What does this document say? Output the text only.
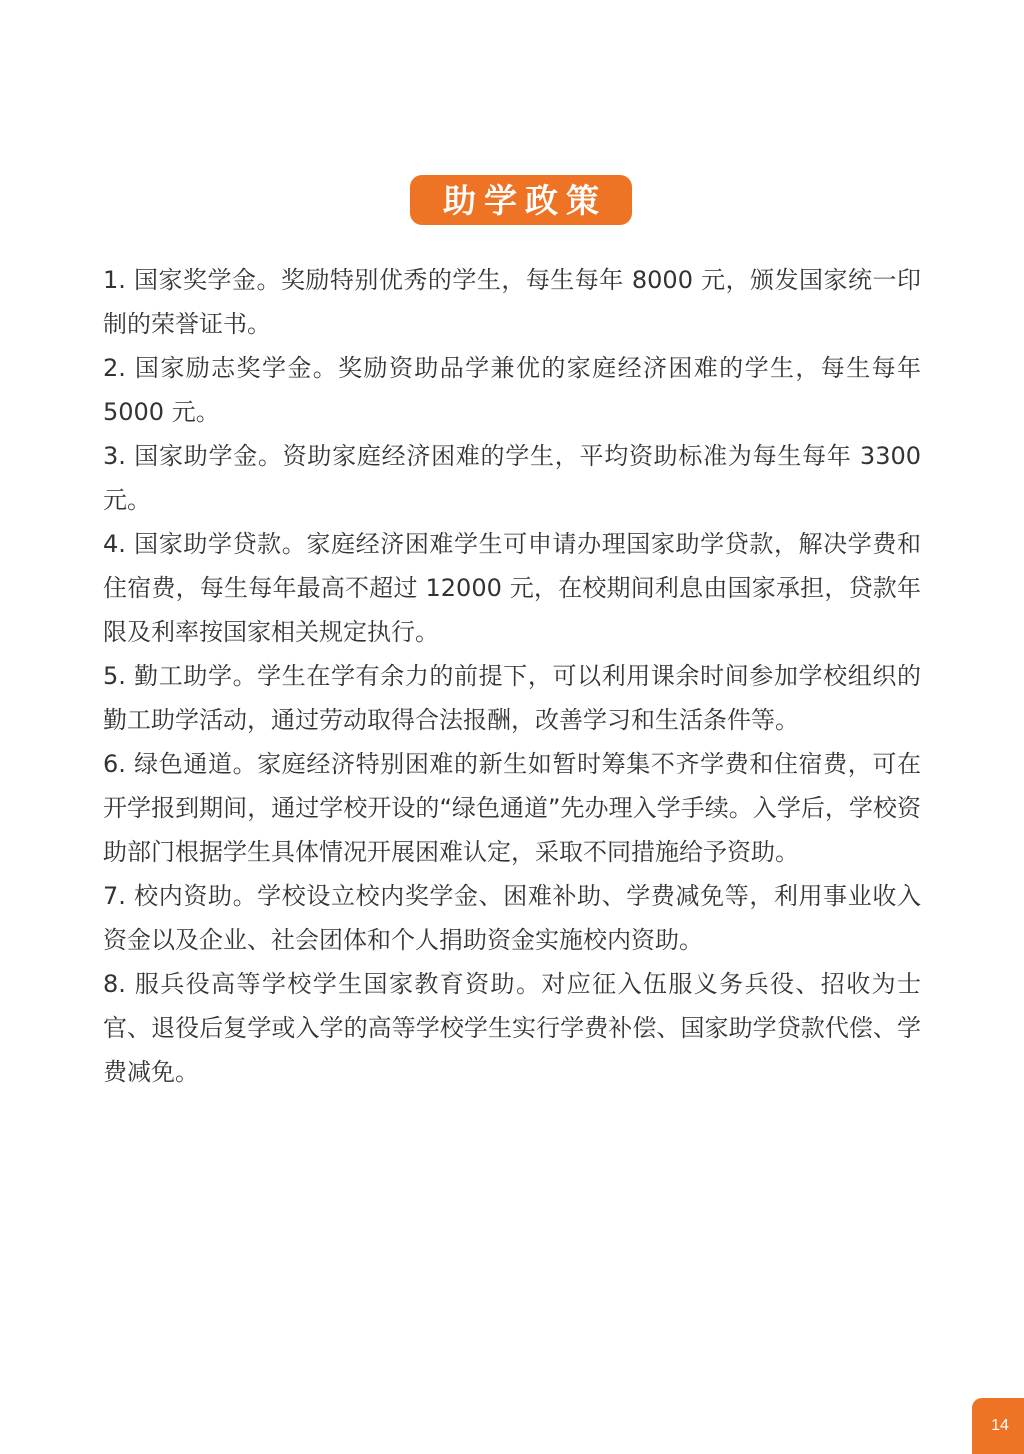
助学政策

1. 国家奖学金。奖励特别优秀的学生，每生每年 8000 元，颁发国家统一印制的荣誉证书。

2. 国家励志奖学金。奖励资助品学兼优的家庭经济困难的学生，每生每年 5000 元。

3. 国家助学金。资助家庭经济困难的学生，平均资助标准为每生每年 3300 元。

4. 国家助学贷款。家庭经济困难学生可申请办理国家助学贷款，解决学费和住宿费，每生每年最高不超过 12000 元，在校期间利息由国家承担，贷款年限及利率按国家相关规定执行。

5. 勤工助学。学生在学有余力的前提下，可以利用课余时间参加学校组织的勤工助学活动，通过劳动取得合法报酬，改善学习和生活条件等。

6. 绿色通道。家庭经济特别困难的新生如暂时筹集不齐学费和住宿费，可在开学报到期间，通过学校开设的“绿色通道”先办理入学手续。入学后，学校资助部门根据学生具体情况开展困难认定，采取不同措施给予资助。

7. 校内资助。学校设立校内奖学金、困难补助、学费减免等，利用事业收入资金以及企业、社会团体和个人捐助资金实施校内资助。

8. 服兵役高等学校学生国家教育资助。对应征入伍服义务兵役、招收为士官、退役后复学或入学的高等学校学生实行学费补偿、国家助学贷款代偿、学费减免。

14
